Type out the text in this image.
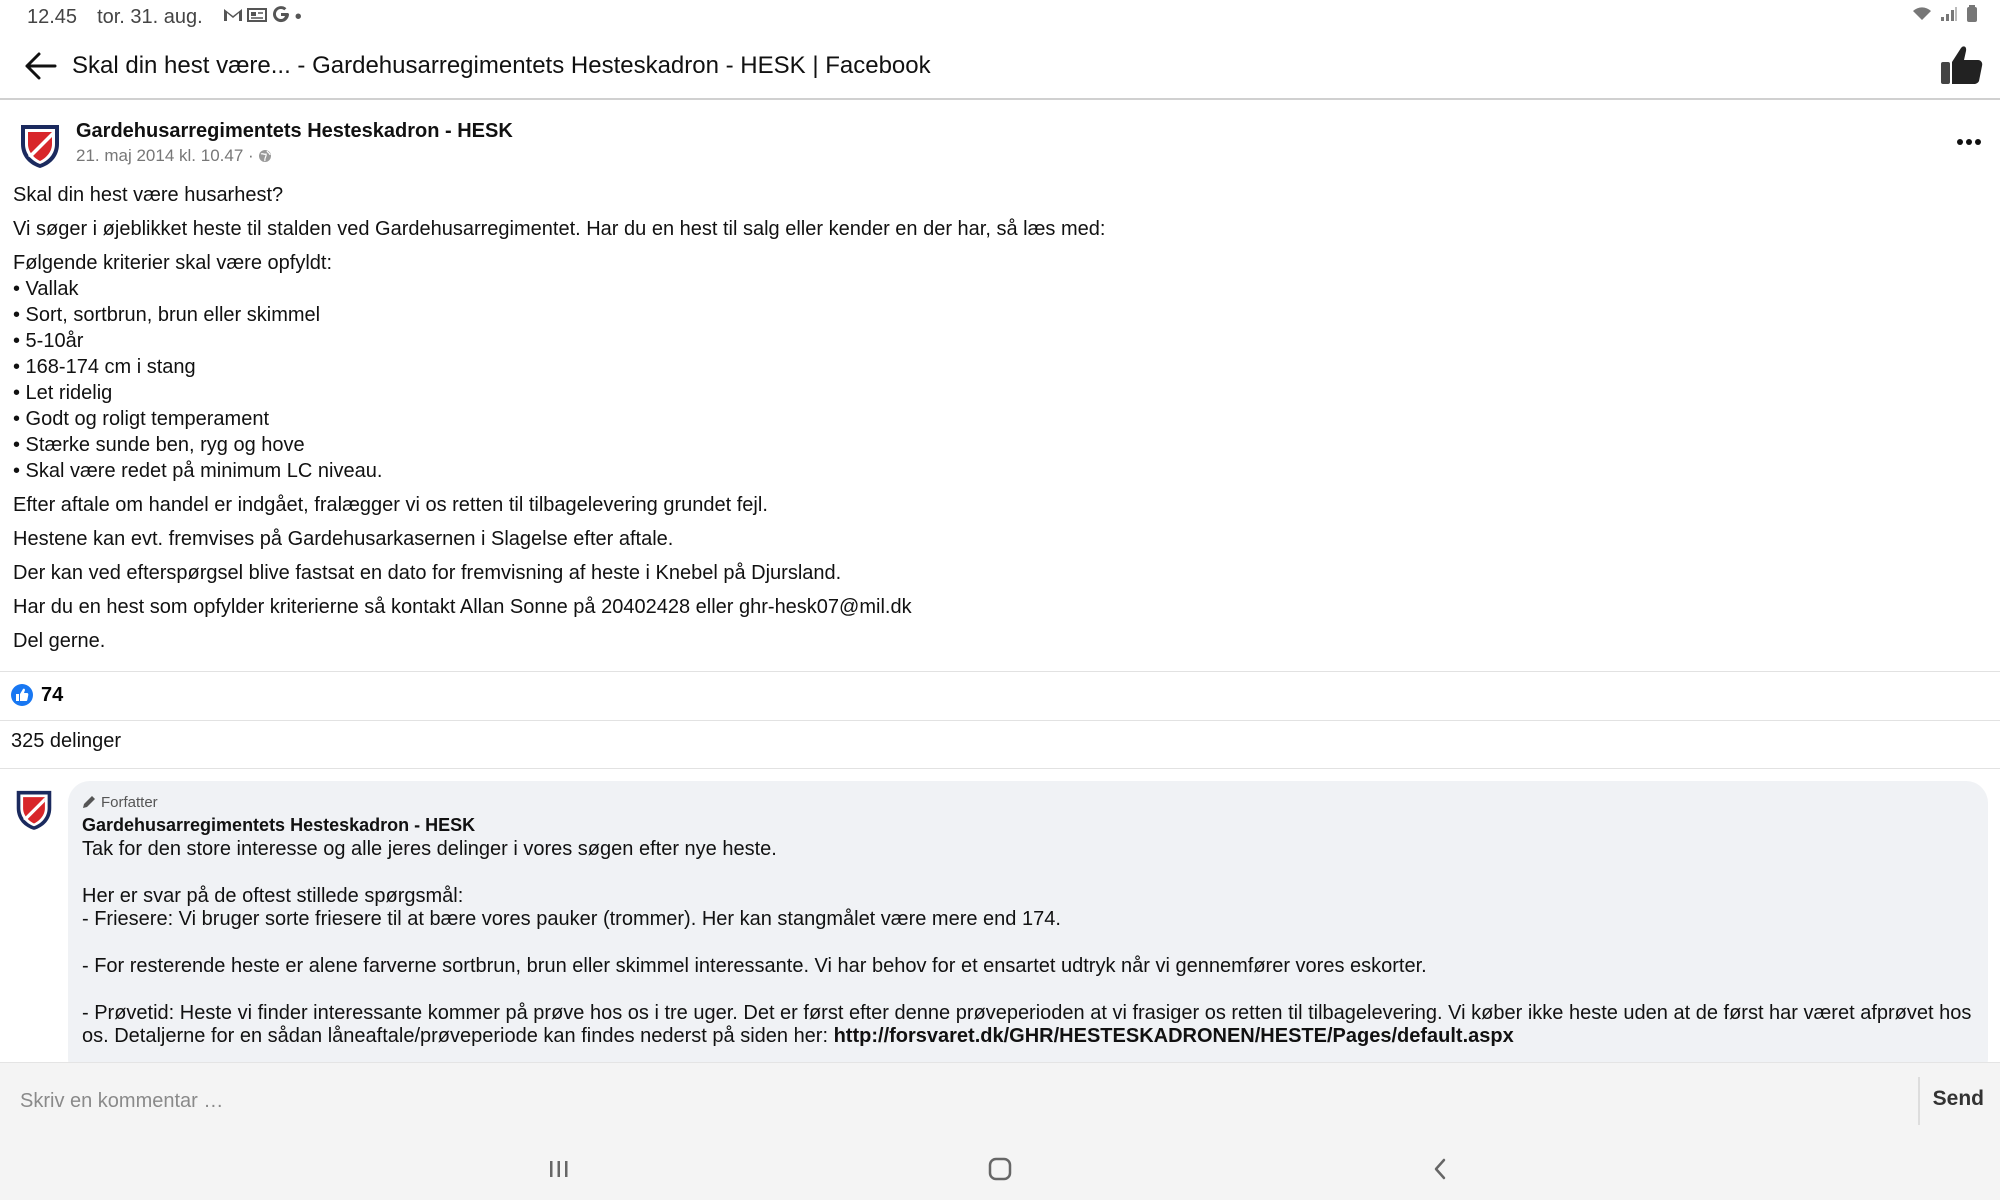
12.45 tor. 31. aug.	•
Skal din hest være... - Gardehusarregimentets Hesteskadron - HESK | Facebook
Gardehusarregimentets Hesteskadron - HESK
21. maj 2014 kl. 10.47 ·

Skal din hest være husarhest?

Vi søger i øjeblikket heste til stalden ved Gardehusarregimentet. Har du en hest til salg eller kender en der har, så læs med:

Følgende kriterier skal være opfyldt:

• Vallak
• Sort, sortbrun, brun eller skimmel
• 5-10år
• 168-174 cm i stang
• Let ridelig
• Godt og roligt temperament
• Stærke sunde ben, ryg og hove
• Skal være redet på minimum LC niveau.

Efter aftale om handel er indgået, fralægger vi os retten til tilbagelevering grundet fejl.

Hestene kan evt. fremvises på Gardehusarkasernen i Slagelse efter aftale.

Der kan ved efterspørgsel blive fastsat en dato for fremvisning af heste i Knebel på Djursland.

Har du en hest som opfylder kriterierne så kontakt Allan Sonne på 20402428 eller ghr-hesk07@mil.dk

Del gerne.

74
325 delinger
Forfatter
Gardehusarregimentets Hesteskadron - HESK

Tak for den store interesse og alle jeres delinger i vores søgen efter nye heste.

Her er svar på de oftest stillede spørgsmål:

- Friesere: Vi bruger sorte friesere til at bære vores pauker (trommer). Her kan stangmålet være mere end 174.

- For resterende heste er alene farverne sortbrun, brun eller skimmel interessante. Vi har behov for et ensartet udtryk når vi gennemfører vores eskorter.

- Prøvetid: Heste vi finder interessante kommer på prøve hos os i tre uger. Det er først efter denne prøveperioden at vi frasiger os retten til tilbagelevering. Vi køber ikke heste uden at de først har været afprøvet hos os. Detaljerne for en sådan låneaftale/prøveperiode kan findes nederst på siden her: http://forsvaret.dk/GHR/HESTESKADRONEN/HESTE/Pages/default.aspx

Skriv en kommentar …
Send
